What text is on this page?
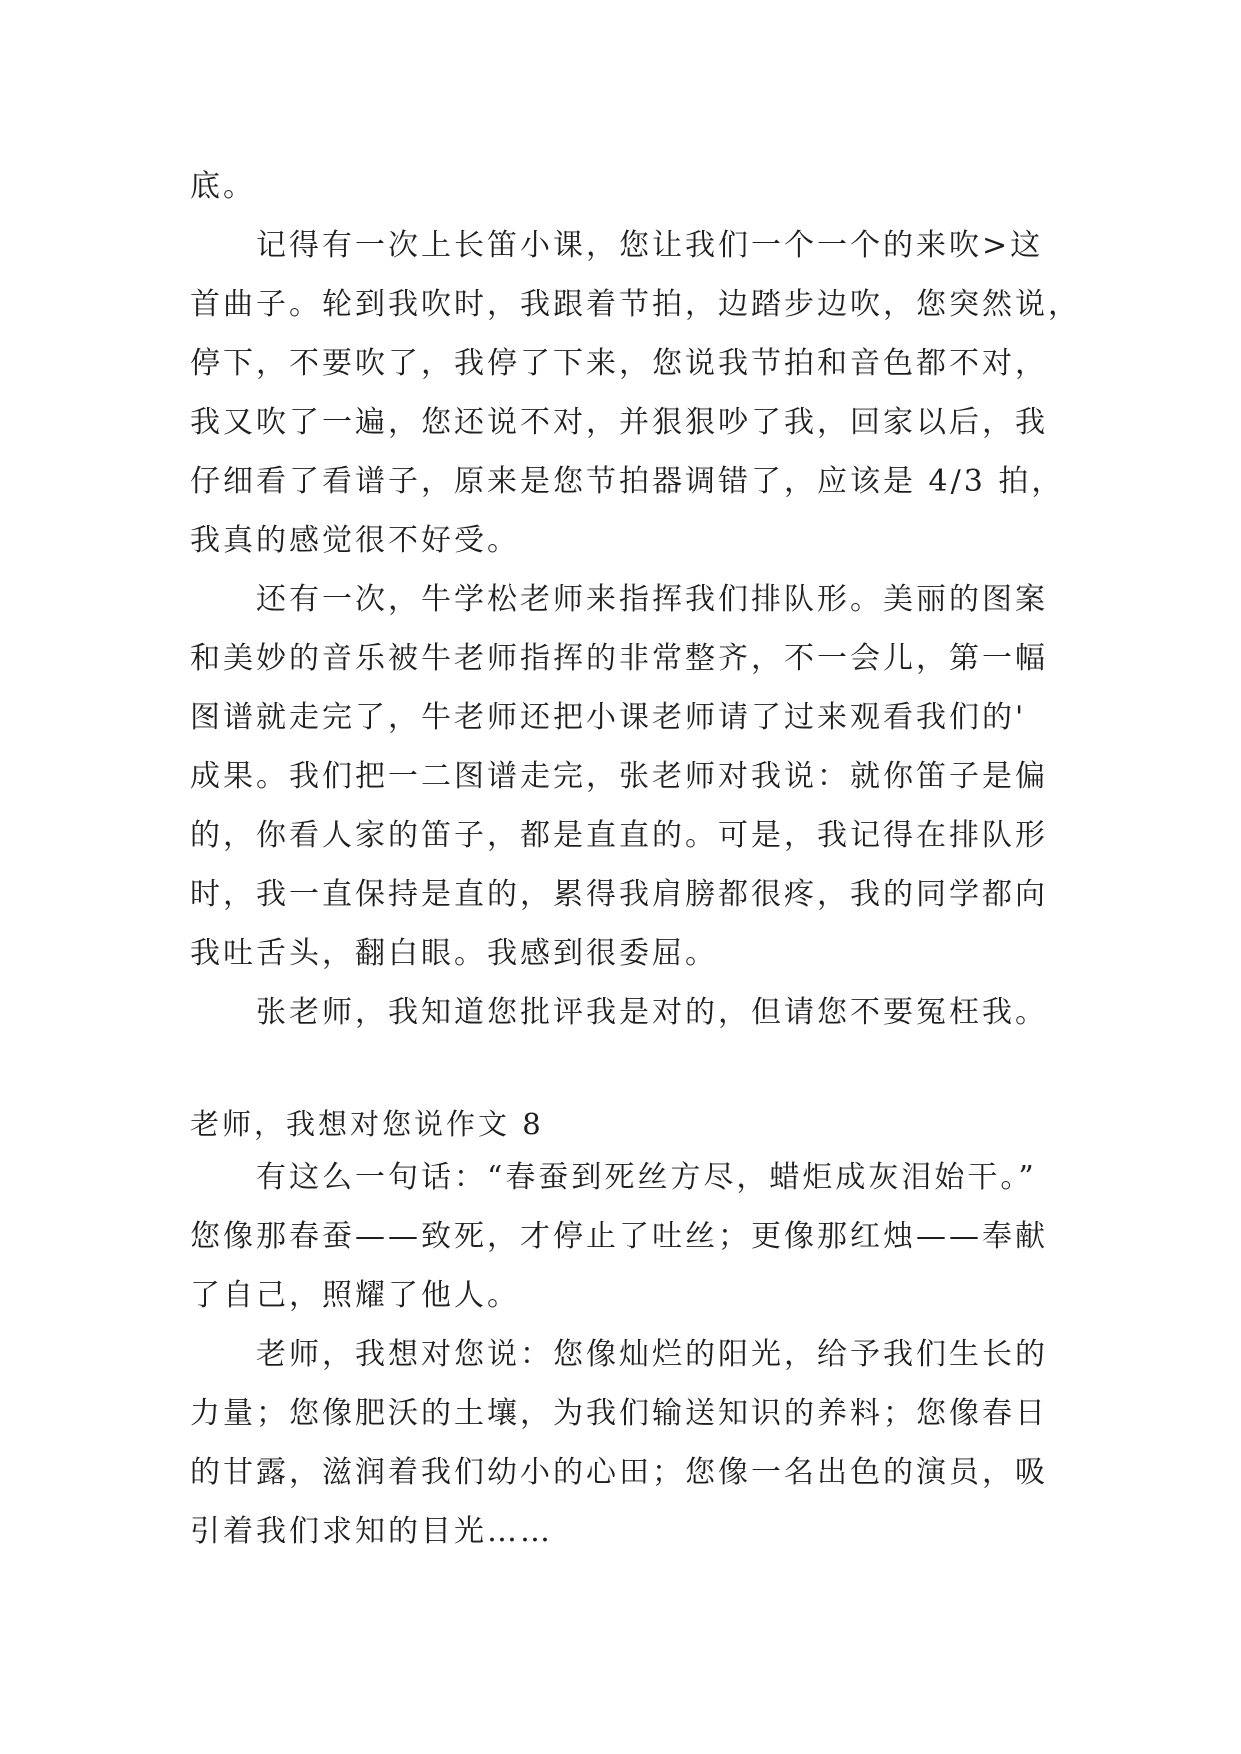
底。
记得有一次上长笛小课，您让我们一个一个的来吹>这
首曲子。轮到我吹时，我跟着节拍，边踏步边吹，您突然说，
停下，不要吹了，我停了下来，您说我节拍和音色都不对，
我又吹了一遍，您还说不对，并狠狠吵了我，回家以后，我
仔细看了看谱子，原来是您节拍器调错了，应该是 4/3 拍，
我真的感觉很不好受。
还有一次，牛学松老师来指挥我们排队形。美丽的图案
和美妙的音乐被牛老师指挥的非常整齐，不一会儿，第一幅
图谱就走完了，牛老师还把小课老师请了过来观看我们的'
成果。我们把一二图谱走完，张老师对我说：就你笛子是偏
的，你看人家的笛子，都是直直的。可是，我记得在排队形
时，我一直保持是直的，累得我肩膀都很疼，我的同学都向
我吐舌头，翻白眼。我感到很委屈。
张老师，我知道您批评我是对的，但请您不要冤枉我。
老师，我想对您说作文 8
有这么一句话：“春蚕到死丝方尽，蜡炬成灰泪始干。”
您像那春蚕——致死，才停止了吐丝；更像那红烛——奉献
了自己，照耀了他人。
老师，我想对您说：您像灿烂的阳光，给予我们生长的
力量；您像肥沃的土壤，为我们输送知识的养料；您像春日
的甘露，滋润着我们幼小的心田；您像一名出色的演员，吸
引着我们求知的目光……
